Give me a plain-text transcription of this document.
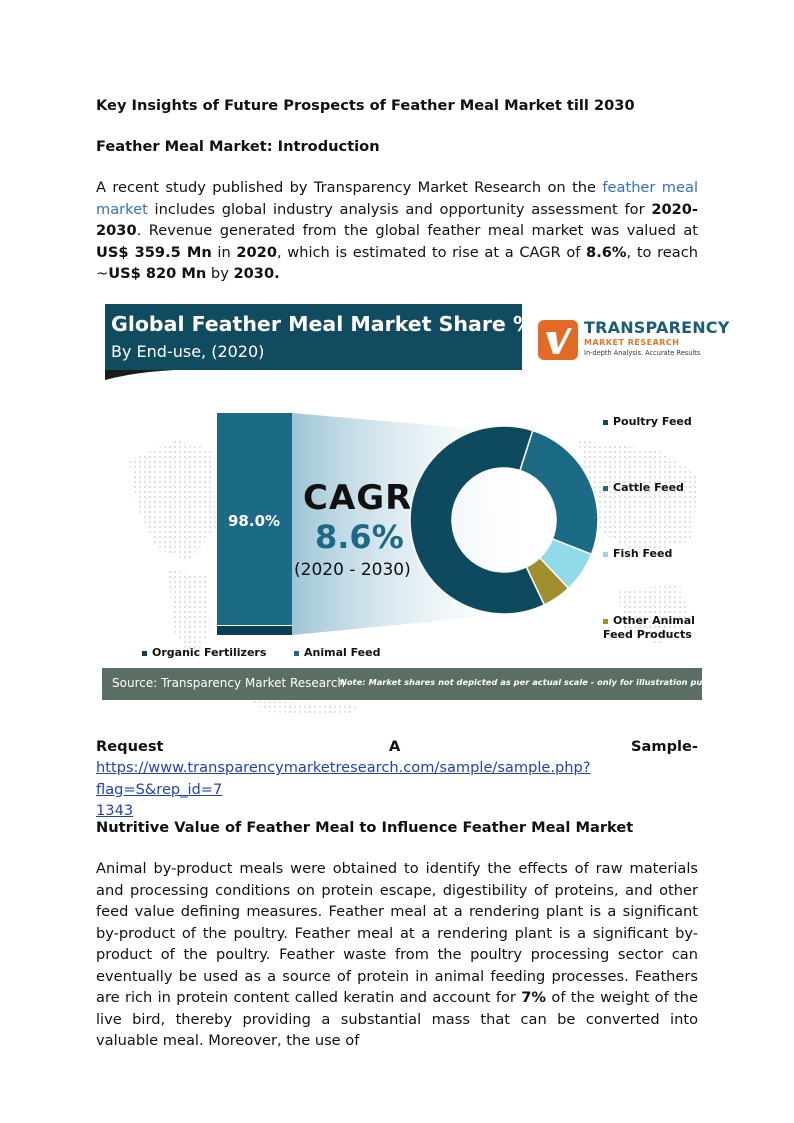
Key Insights of Future Prospects of Feather Meal Market till 2030
Feather Meal Market: Introduction
A recent study published by Transparency Market Research on the feather meal market includes global industry analysis and opportunity assessment for 2020-2030. Revenue generated from the global feather meal market was valued at US$ 359.5 Mn in 2020, which is estimated to rise at a CAGR of 8.6%, to reach ~US$ 820 Mn by 2030.
Global Feather Meal Market Share %
By End-use, (2020)
TRANSPARENCY
MARKET RESEARCH
In-depth Analysis. Accurate Results
98.0%
CAGR
8.6%
(2020 - 2030)
Poultry Feed
Cattle Feed
Fish Feed
Other Animal Feed Products
Organic Fertilizers	Animal Feed
Source: Transparency Market Research
Note: Market shares not depicted as per actual scale - only for illustration purposes
Request	A	Sample-
https://www.transparencymarketresearch.com/sample/sample.php?flag=S&rep_id=7
1343
Nutritive Value of Feather Meal to Influence Feather Meal Market
Animal by-product meals were obtained to identify the effects of raw materials and processing conditions on protein escape, digestibility of proteins, and other feed value defining measures. Feather meal at a rendering plant is a significant by-product of the poultry. Feather meal at a rendering plant is a significant by-product of the poultry. Feather waste from the poultry processing sector can eventually be used as a source of protein in animal feeding processes. Feathers are rich in protein content called keratin and account for 7% of the weight of the live bird, thereby providing a substantial mass that can be converted into valuable meal. Moreover, the use of
